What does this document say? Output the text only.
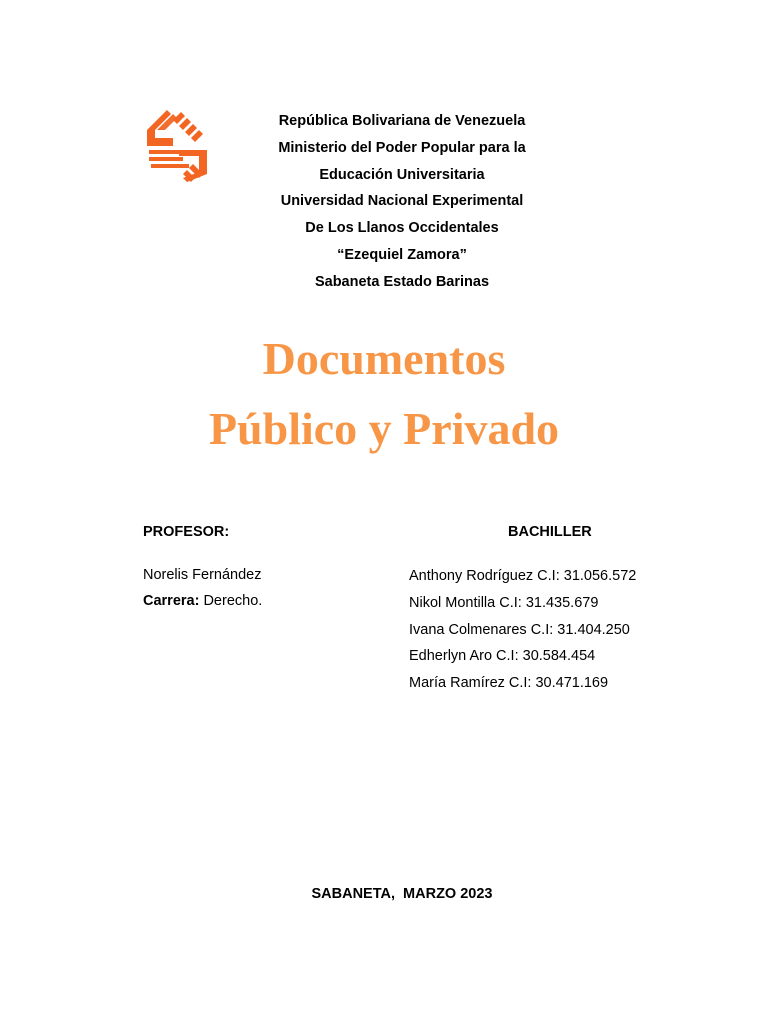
República Bolivariana de Venezuela
Ministerio del Poder Popular para la
Educación Universitaria
Universidad Nacional Experimental
De Los Llanos Occidentales
“Ezequiel Zamora”
Sabaneta Estado Barinas
Documentos
Público y Privado
PROFESOR:	BACHILLER
Norelis Fernández
Carrera: Derecho.
Anthony Rodríguez C.I: 31.056.572
Nikol Montilla C.I: 31.435.679
Ivana Colmenares C.I: 31.404.250
Edherlyn Aro C.I: 30.584.454
María Ramírez C.I: 30.471.169
SABANETA,  MARZO 2023
